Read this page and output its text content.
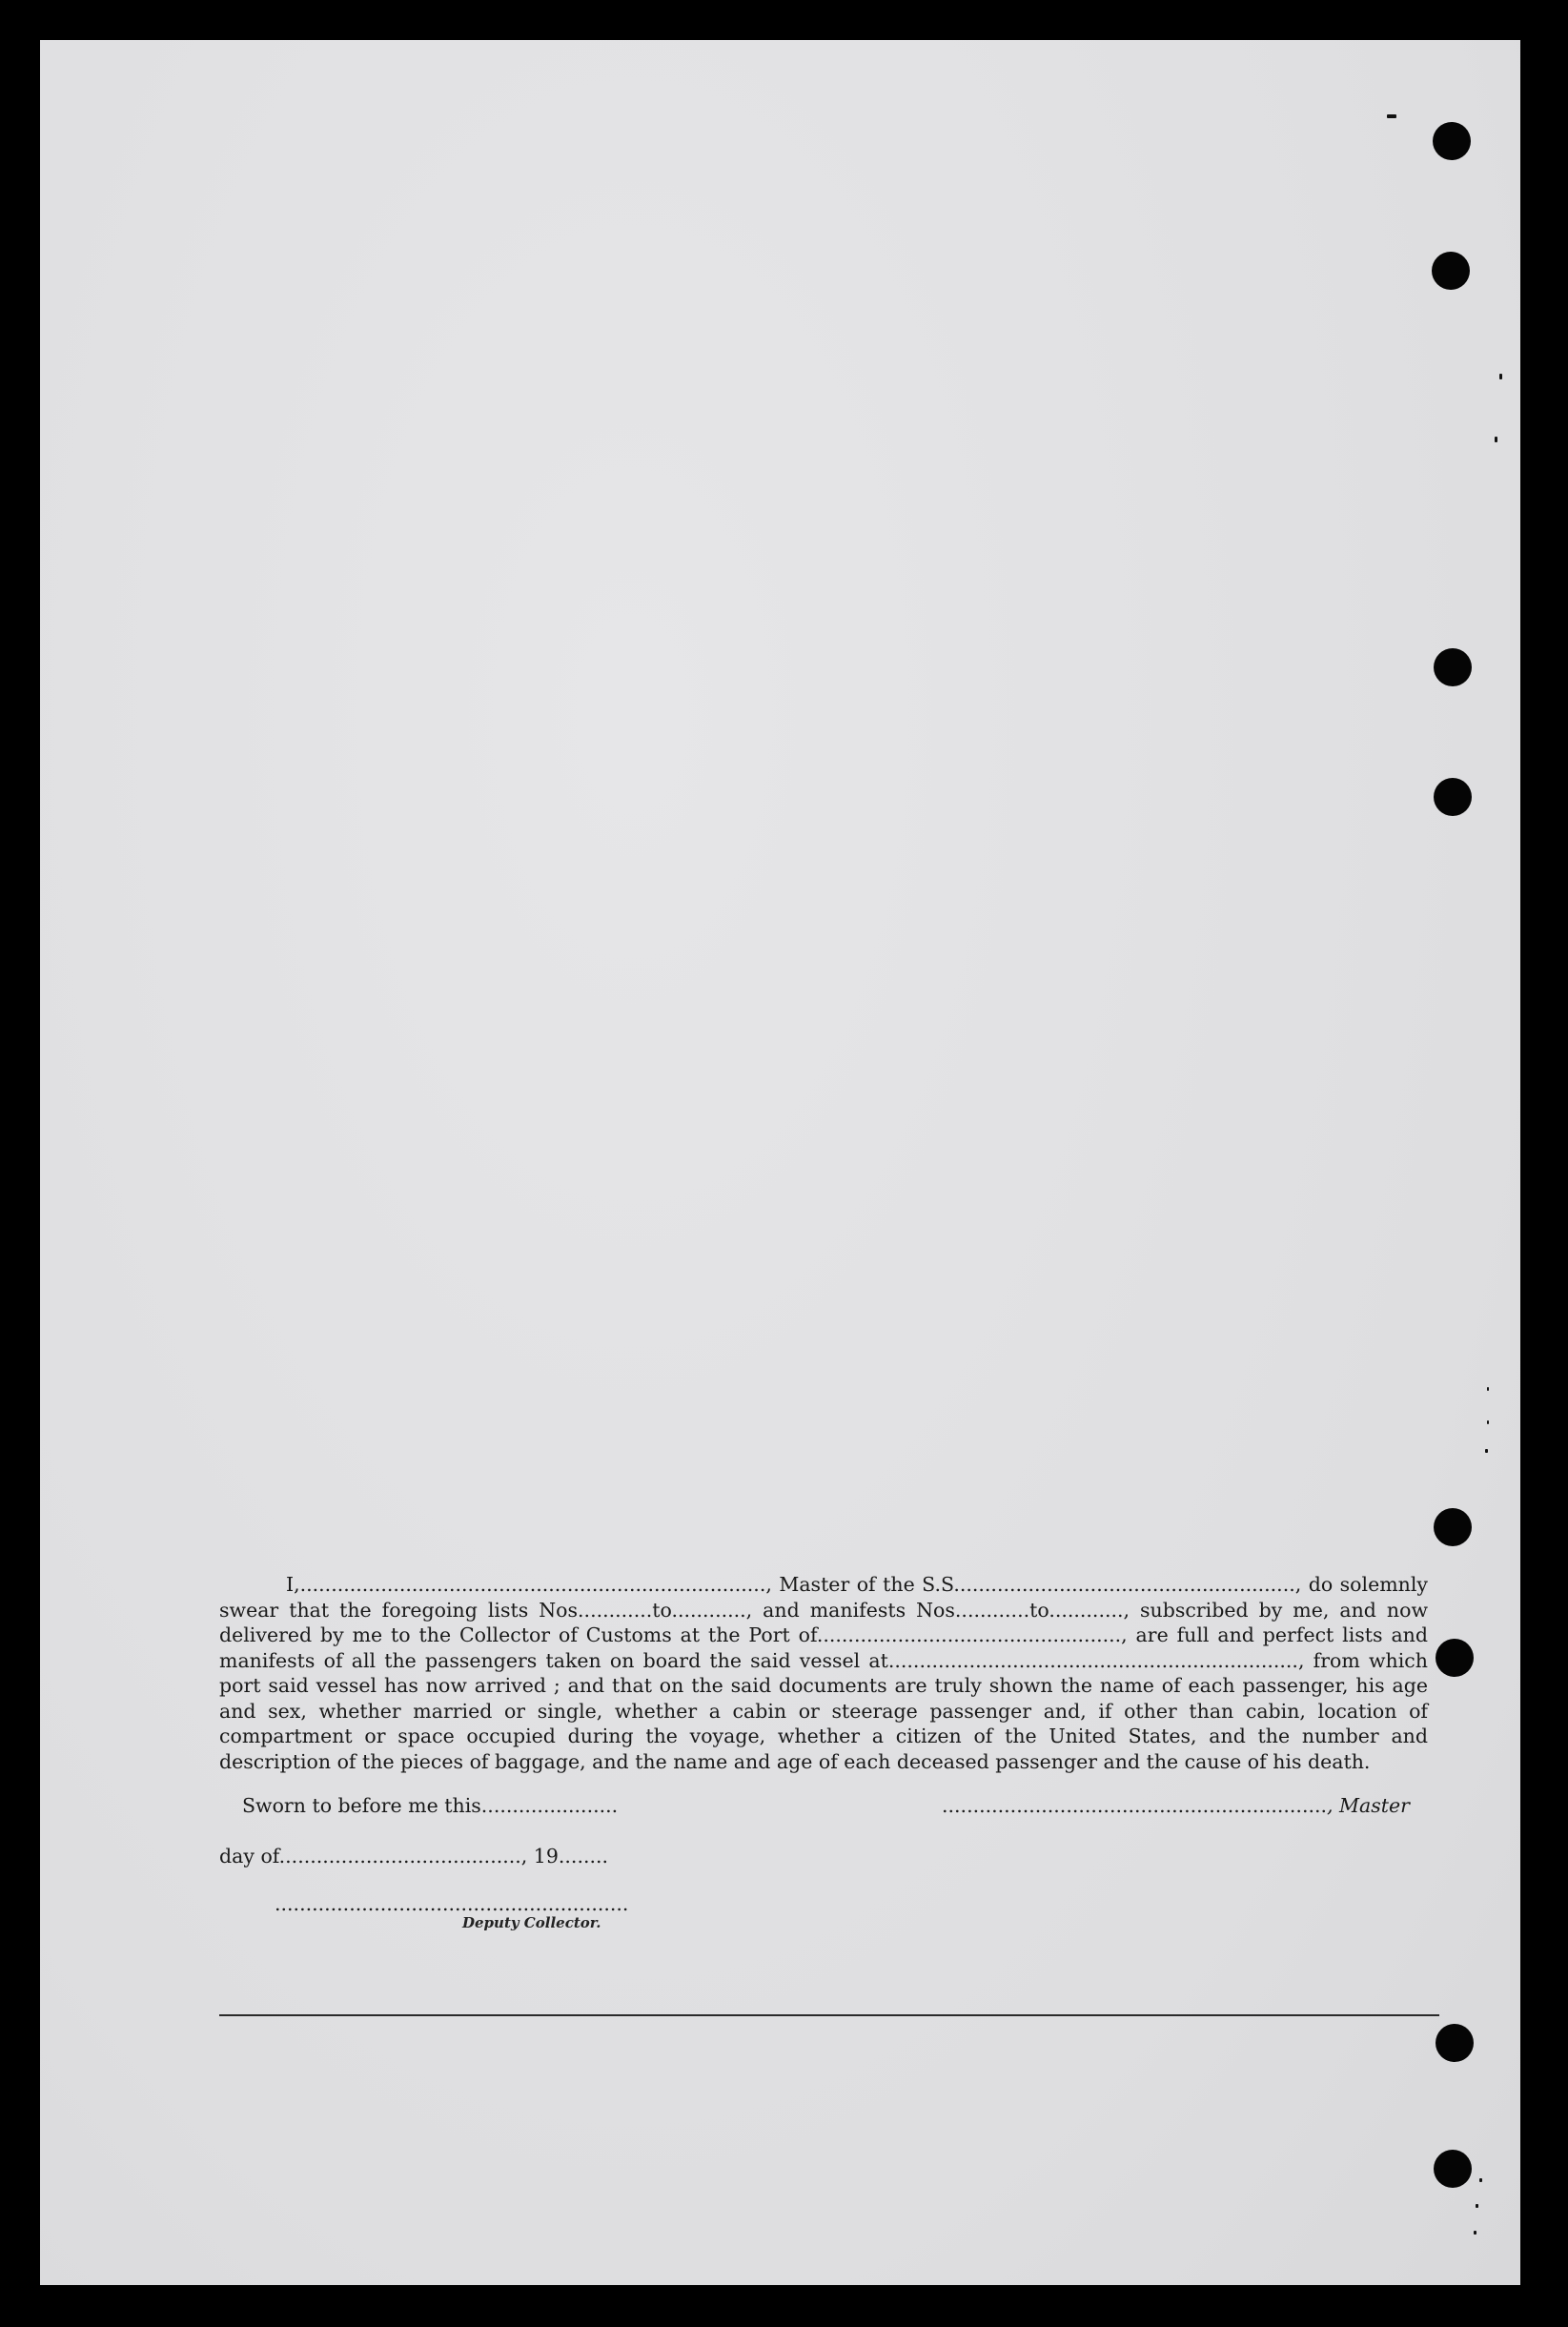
I,..........................................................................., Master of the S.S......................................................., do solemnly swear that the foregoing lists Nos............to............, and manifests Nos............to............, subscribed by me, and now delivered by me to the Collector of Customs at the Port of................................................., are full and perfect lists and manifests of all the passengers taken on board the said vessel at.................................................................., from which port said vessel has now arrived ; and that on the said documents are truly shown the name of each passenger, his age and sex, whether married or single, whether a cabin or steerage passenger and, if other than cabin, location of compartment or space occupied during the voyage, whether a citizen of the United States, and the number and description of the pieces of baggage, and the name and age of each deceased passenger and the cause of his death.

Sworn to before me this......................	.............................................................., Master
day of......................................., 19........
.........................................................
Deputy Collector.
